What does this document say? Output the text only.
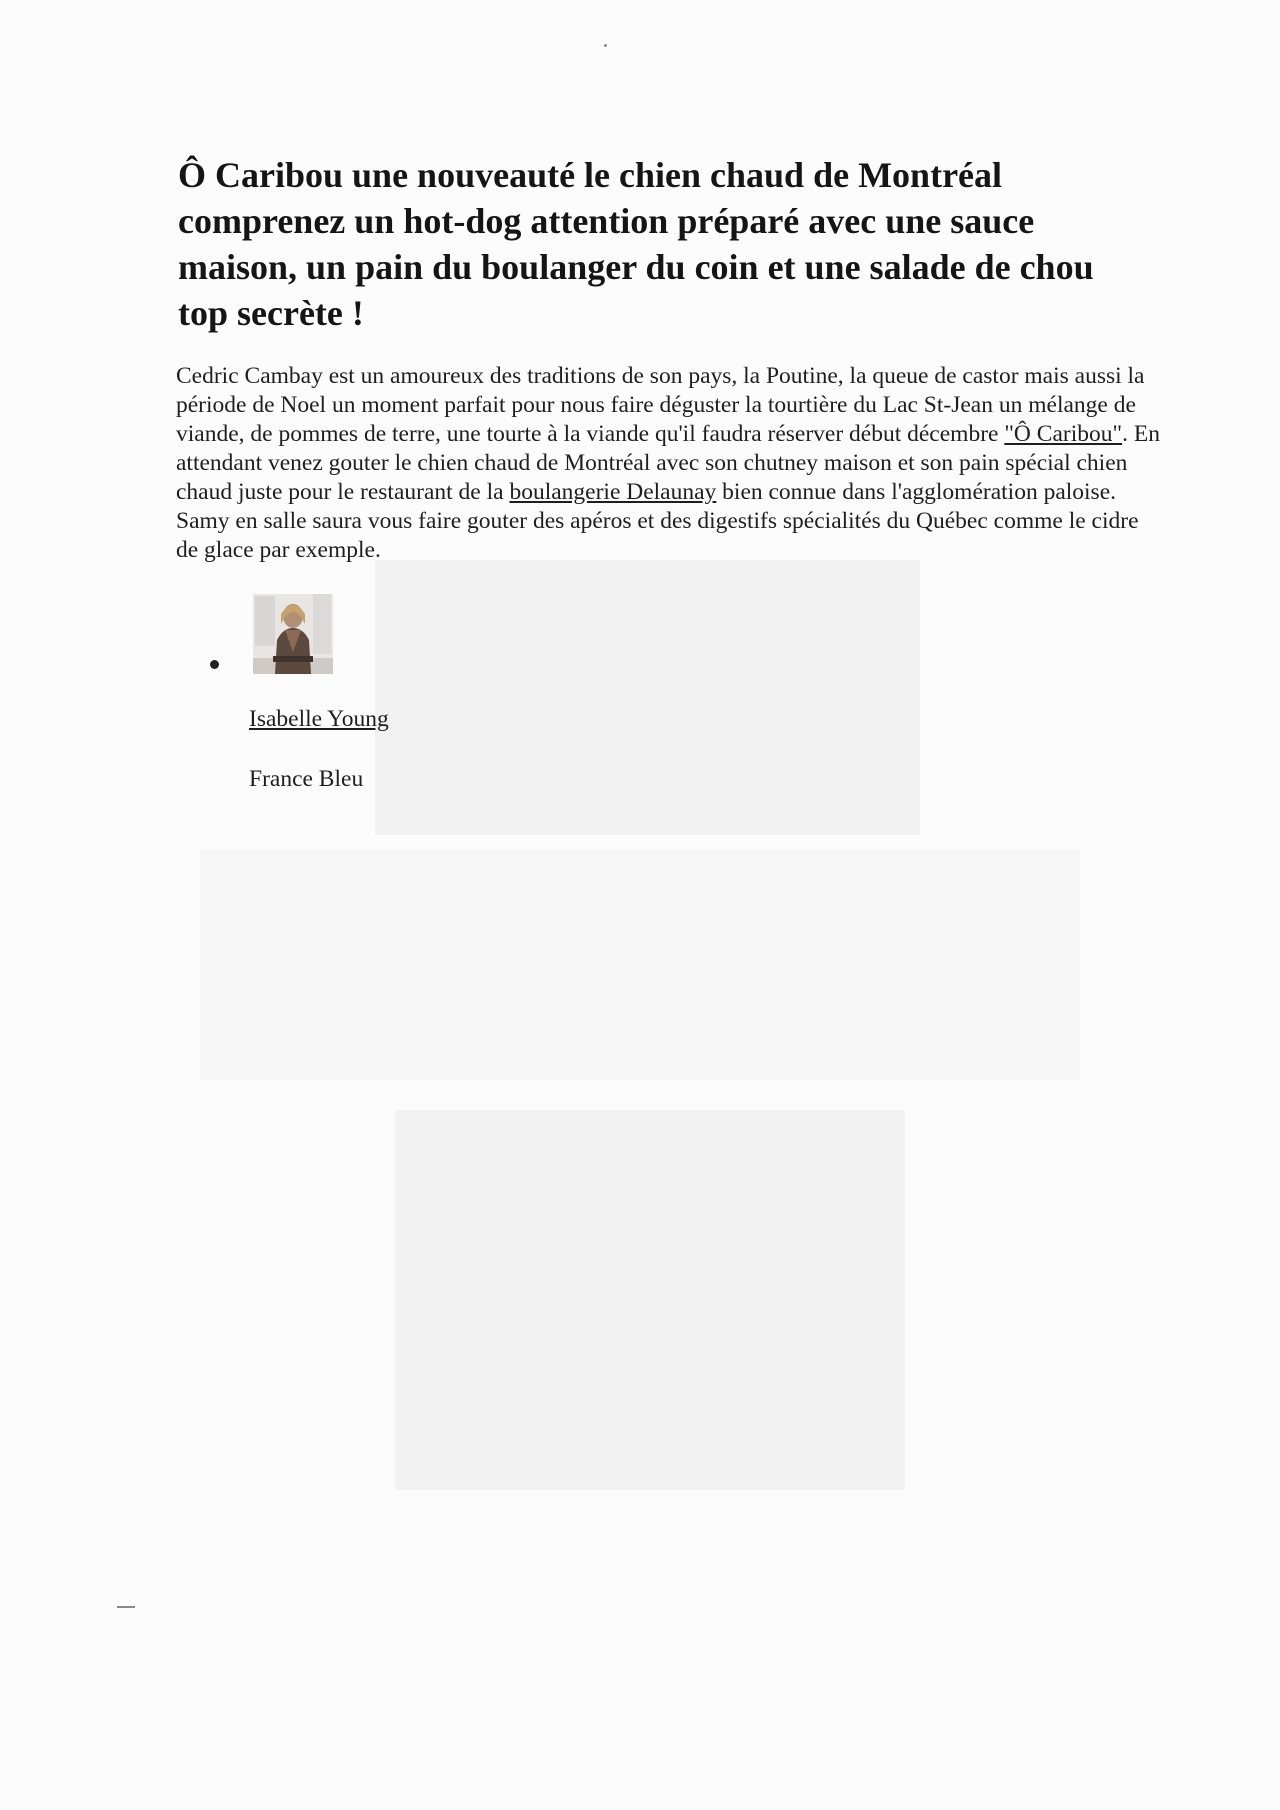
Ô Caribou une nouveauté le chien chaud de Montréal comprenez un hot-dog attention préparé avec une sauce maison, un pain du boulanger du coin et une salade de chou top secrète !

Cedric Cambay est un amoureux des traditions de son pays, la Poutine, la queue de castor mais aussi la période de Noel un moment parfait pour nous faire déguster la tourtière du Lac St-Jean un mélange de viande, de pommes de terre, une tourte à la viande qu'il faudra réserver début décembre "Ô Caribou". En attendant venez gouter le chien chaud de Montréal avec son chutney maison et son pain spécial chien chaud juste pour le restaurant de la boulangerie Delaunay bien connue dans l'agglomération paloise. Samy en salle saura vous faire gouter des apéros et des digestifs spécialités du Québec comme le cidre de glace par exemple.

Isabelle Young

France Bleu
